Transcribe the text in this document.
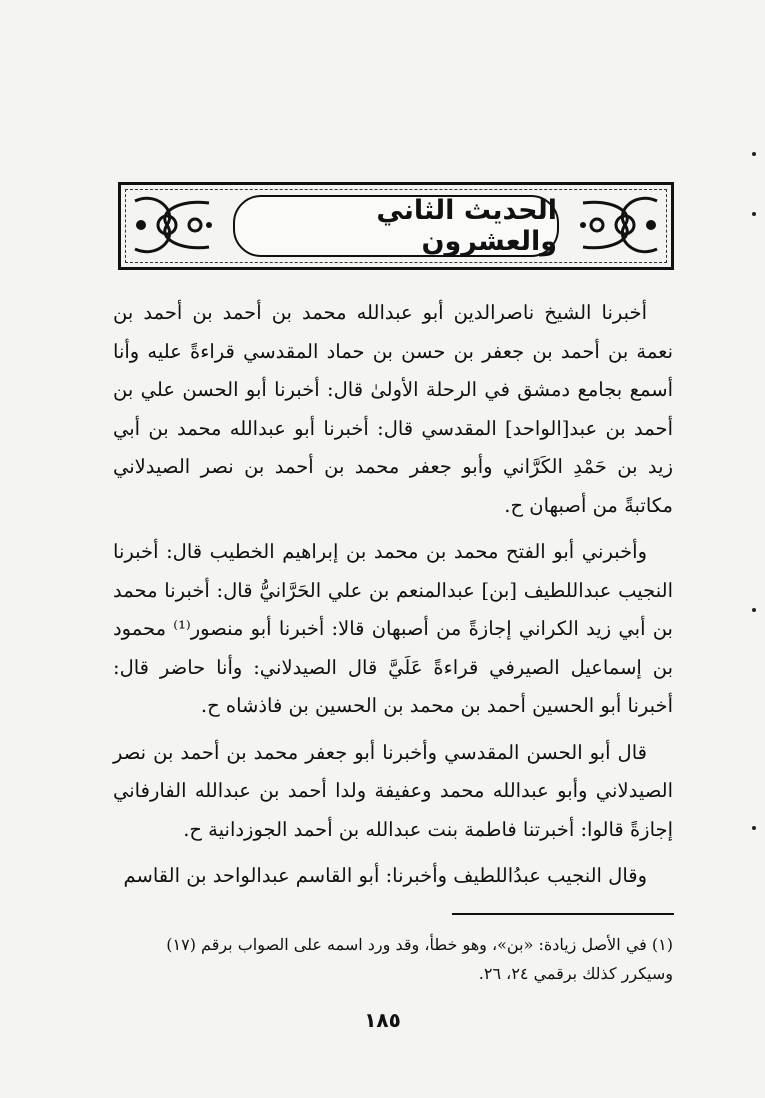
الحديث الثاني والعشرون

أخبرنا الشيخ ناصرالدين أبو عبدالله محمد بن أحمد بن أحمد بن نعمة بن أحمد بن جعفر بن حسن بن حماد المقدسي قراءةً عليه وأنا أسمع بجامع دمشق في الرحلة الأولىٰ قال: أخبرنا أبو الحسن علي بن أحمد بن عبد[الواحد] المقدسي قال: أخبرنا أبو عبدالله محمد بن أبي زيد بن حَمْدِ الكَرَّاني وأبو جعفر محمد بن أحمد بن نصر الصيدلاني مكاتبةً من أصبهان ح.

وأخبرني أبو الفتح محمد بن محمد بن إبراهيم الخطيب قال: أخبرنا النجيب عبداللطيف [بن] عبدالمنعم بن علي الحَرَّانيُّ قال: أخبرنا محمد بن أبي زيد الكراني إجازةً من أصبهان قالا: أخبرنا أبو منصور⁽¹⁾ محمود بن إسماعيل الصيرفي قراءةً عَلَيَّ قال الصيدلاني: وأنا حاضر قال: أخبرنا أبو الحسين أحمد بن محمد بن الحسين بن فاذشاه ح.

قال أبو الحسن المقدسي وأخبرنا أبو جعفر محمد بن أحمد بن نصر الصيدلاني وأبو عبدالله محمد وعفيفة ولدا أحمد بن عبدالله الفارفاني إجازةً قالوا: أخبرتنا فاطمة بنت عبدالله بن أحمد الجوزدانية ح.

وقال النجيب عبدُاللطيف وأخبرنا: أبو القاسم عبدالواحد بن القاسم

(١) في الأصل زيادة: «بن»، وهو خطأ، وقد ورد اسمه على الصواب برقم (١٧)

وسيكرر كذلك برقمي ٢٤، ٢٦.

١٨٥
